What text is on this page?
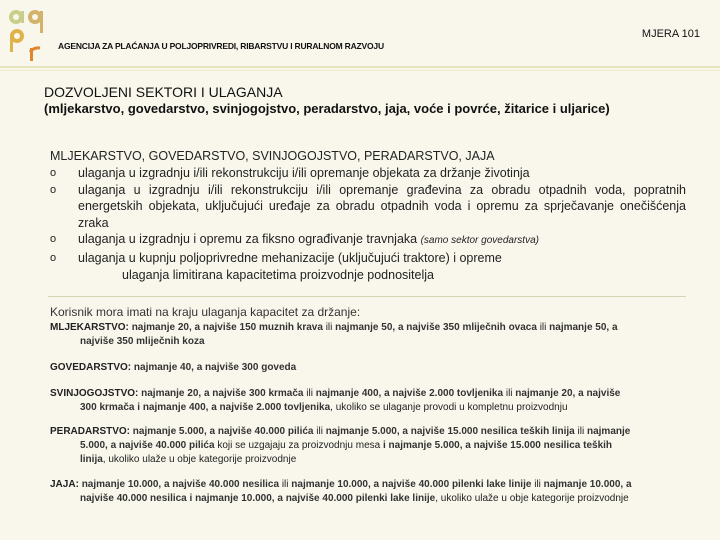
AGENCIJA ZA PLAĆANJA U POLJOPRIVREDI, RIBARSTVU I RURALNOM RAZVOJU
MJERA 101
DOZVOLJENI SEKTORI I ULAGANJA
(mljekarstvo, govedarstvo, svinjogojstvo, peradarstvo, jaja, voće i povrće, žitarice i uljarice)
MLJEKARSTVO, GOVEDARSTVO, SVINJOGOJSTVO, PERADARSTVO, JAJA
o	ulaganja u izgradnju i/ili rekonstrukciju i/ili opremanje objekata za držanje životinja
o	ulaganja u izgradnju i/ili rekonstrukciju i/ili opremanje građevina za obradu otpadnih voda, popratnih energetskih objekata, uključujući uređaje za obradu otpadnih voda i opremu za sprječavanje onečišćenja zraka
o	ulaganja u izgradnju i opremu za fiksno ograđivanje travnjaka (samo sektor govedarstva)
o	ulaganja u kupnju poljoprivredne mehanizacije (uključujući traktore) i opreme
ulaganja limitirana kapacitetima proizvodnje podnositelja
Korisnik mora imati na kraju ulaganja kapacitet za držanje:
MLJEKARSTVO: najmanje 20, a najviše 150 muznih krava ili najmanje 50, a najviše 350 mliječnih ovaca ili najmanje 50, a
najviše 350 mliječnih koza
GOVEDARSTVO: najmanje 40, a najviše 300 goveda
SVINJOGOJSTVO: najmanje 20, a najviše 300 krmača ili najmanje 400, a najviše 2.000 tovljenika ili najmanje 20, a najviše
300 krmača i najmanje 400, a najviše 2.000 tovljenika, ukoliko se ulaganje provodi u kompletnu proizvodnju
PERADARSTVO: najmanje 5.000, a najviše 40.000 pilića ili najmanje 5.000, a najviše 15.000 nesilica teških linija ili najmanje
5.000, a najviše 40.000 pilića koji se uzgajaju za proizvodnju mesa i najmanje 5.000, a najviše 15.000 nesilica teških
linija, ukoliko ulaže u obje kategorije proizvodnje
JAJA: najmanje 10.000, a najviše 40.000 nesilica ili najmanje 10.000, a najviše 40.000 pilenki lake linije ili najmanje 10.000, a
najviše 40.000 nesilica i najmanje 10.000, a najviše 40.000 pilenki lake linije, ukoliko ulaže u obje kategorije proizvodnje
